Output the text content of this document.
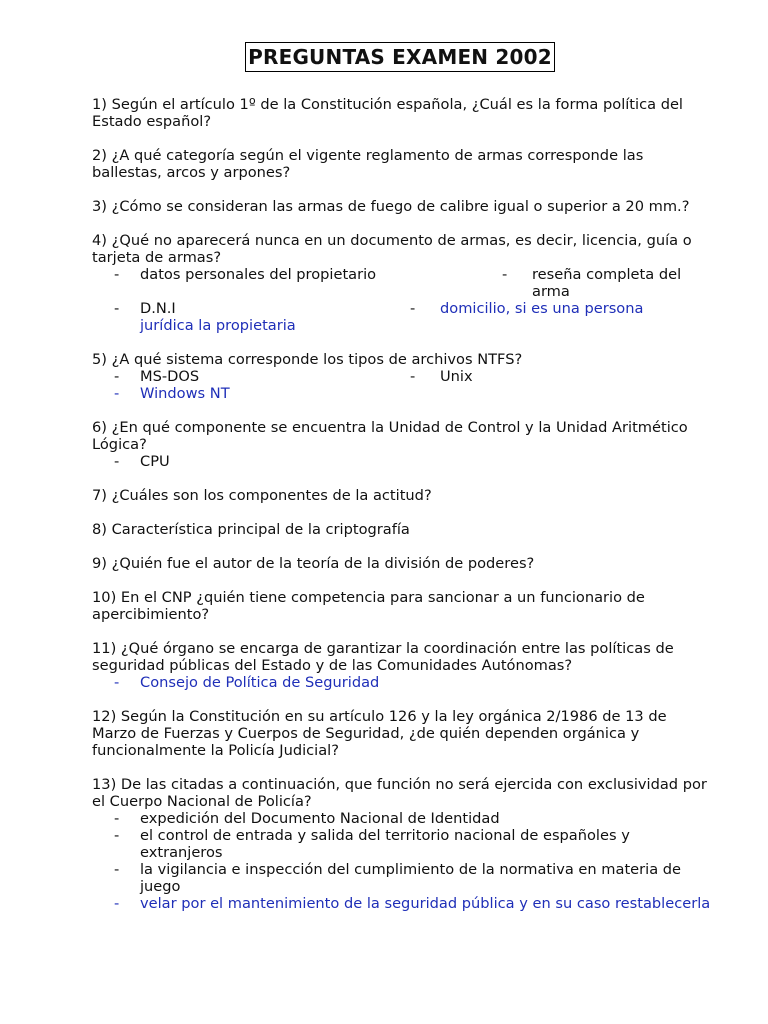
PREGUNTAS EXAMEN 2002
1) Según el artículo 1º de la Constitución española, ¿Cuál es la forma política del Estado español?
2) ¿A qué categoría según el vigente reglamento de armas corresponde las ballestas, arcos y arpones?
3) ¿Cómo se consideran las armas de fuego de calibre igual o superior a 20 mm.?
4) ¿Qué no aparecerá nunca en un documento de armas, es decir, licencia, guía o tarjeta de armas?
-	datos personales del propietario	-	reseña completa del arma
-	D.N.I	-	domicilio, si es una persona
jurídica la propietaria
5) ¿A qué sistema corresponde los tipos de archivos NTFS?
-	MS-DOS	-	Unix
-	Windows NT
6) ¿En qué componente se encuentra la Unidad de Control y la Unidad Aritmético Lógica?
-	CPU
7) ¿Cuáles son los componentes de la actitud?
8) Característica principal de la criptografía
9) ¿Quién fue el autor de la teoría de la división de poderes?
10) En el CNP ¿quién tiene competencia para sancionar a un funcionario de apercibimiento?
11) ¿Qué órgano se encarga de garantizar la coordinación entre las políticas de seguridad públicas del Estado y de las Comunidades Autónomas?
-	Consejo de Política de Seguridad
12) Según la Constitución en su artículo 126 y la ley orgánica 2/1986 de 13 de Marzo de Fuerzas y Cuerpos de Seguridad, ¿de quién dependen orgánica y funcionalmente la Policía Judicial?
13) De las citadas a continuación, que función no será ejercida con exclusividad por el Cuerpo Nacional de Policía?
-	expedición del Documento Nacional de Identidad
-	el control de entrada y salida del territorio nacional de españoles y extranjeros
-	la vigilancia e inspección del cumplimiento de la normativa en materia de juego
-	velar por el mantenimiento de la seguridad pública y en su caso restablecerla
